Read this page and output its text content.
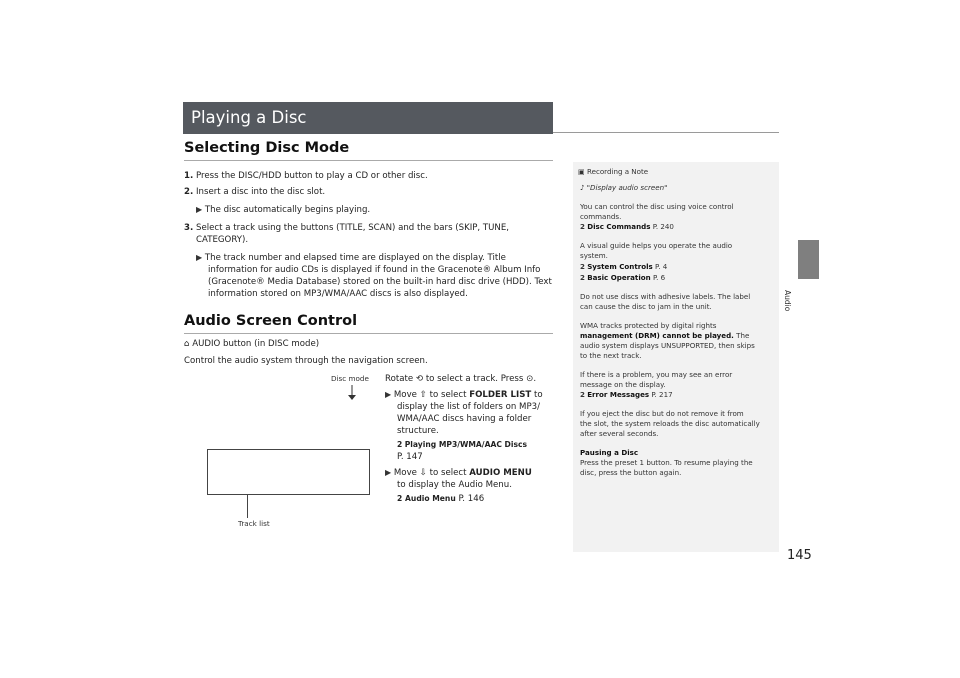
Playing a Disc
Selecting Disc Mode
1. Press the DISC/HDD button to play a CD or other disc.
2. Insert a disc into the disc slot.
▶ The disc automatically begins playing.
3. Select a track using the buttons (TITLE, SCAN) and the bars (SKIP, TUNE,
CATEGORY).
▶ The track number and elapsed time are displayed on the display. Title
information for audio CDs is displayed if found in the Gracenote® Album Info
(Gracenote® Media Database) stored on the built-in hard disc drive (HDD). Text
information stored on MP3/WMA/AAC discs is also displayed.
Audio Screen Control
⌂ AUDIO button (in DISC mode)
Control the audio system through the navigation screen.
Disc mode
Track list
Rotate ⟲ to select a track. Press ⊙.
▶ Move ⇧ to select FOLDER LIST to
display the list of folders on MP3/
WMA/AAC discs having a folder
structure.
2 Playing MP3/WMA/AAC Discs
P. 147
▶ Move ⇩ to select AUDIO MENU
to display the Audio Menu.
2 Audio Menu P. 146
▣ Recording a Note
♪ "Display audio screen"
You can control the disc using voice control
commands.
2 Disc Commands P. 240
A visual guide helps you operate the audio
system.
2 System Controls P. 4
2 Basic Operation P. 6
Do not use discs with adhesive labels. The label
can cause the disc to jam in the unit.
WMA tracks protected by digital rights
management (DRM) cannot be played. The
audio system displays UNSUPPORTED, then skips
to the next track.
If there is a problem, you may see an error
message on the display.
2 Error Messages P. 217
If you eject the disc but do not remove it from
the slot, the system reloads the disc automatically
after several seconds.
Pausing a Disc
Press the preset 1 button. To resume playing the
disc, press the button again.
Audio
145
